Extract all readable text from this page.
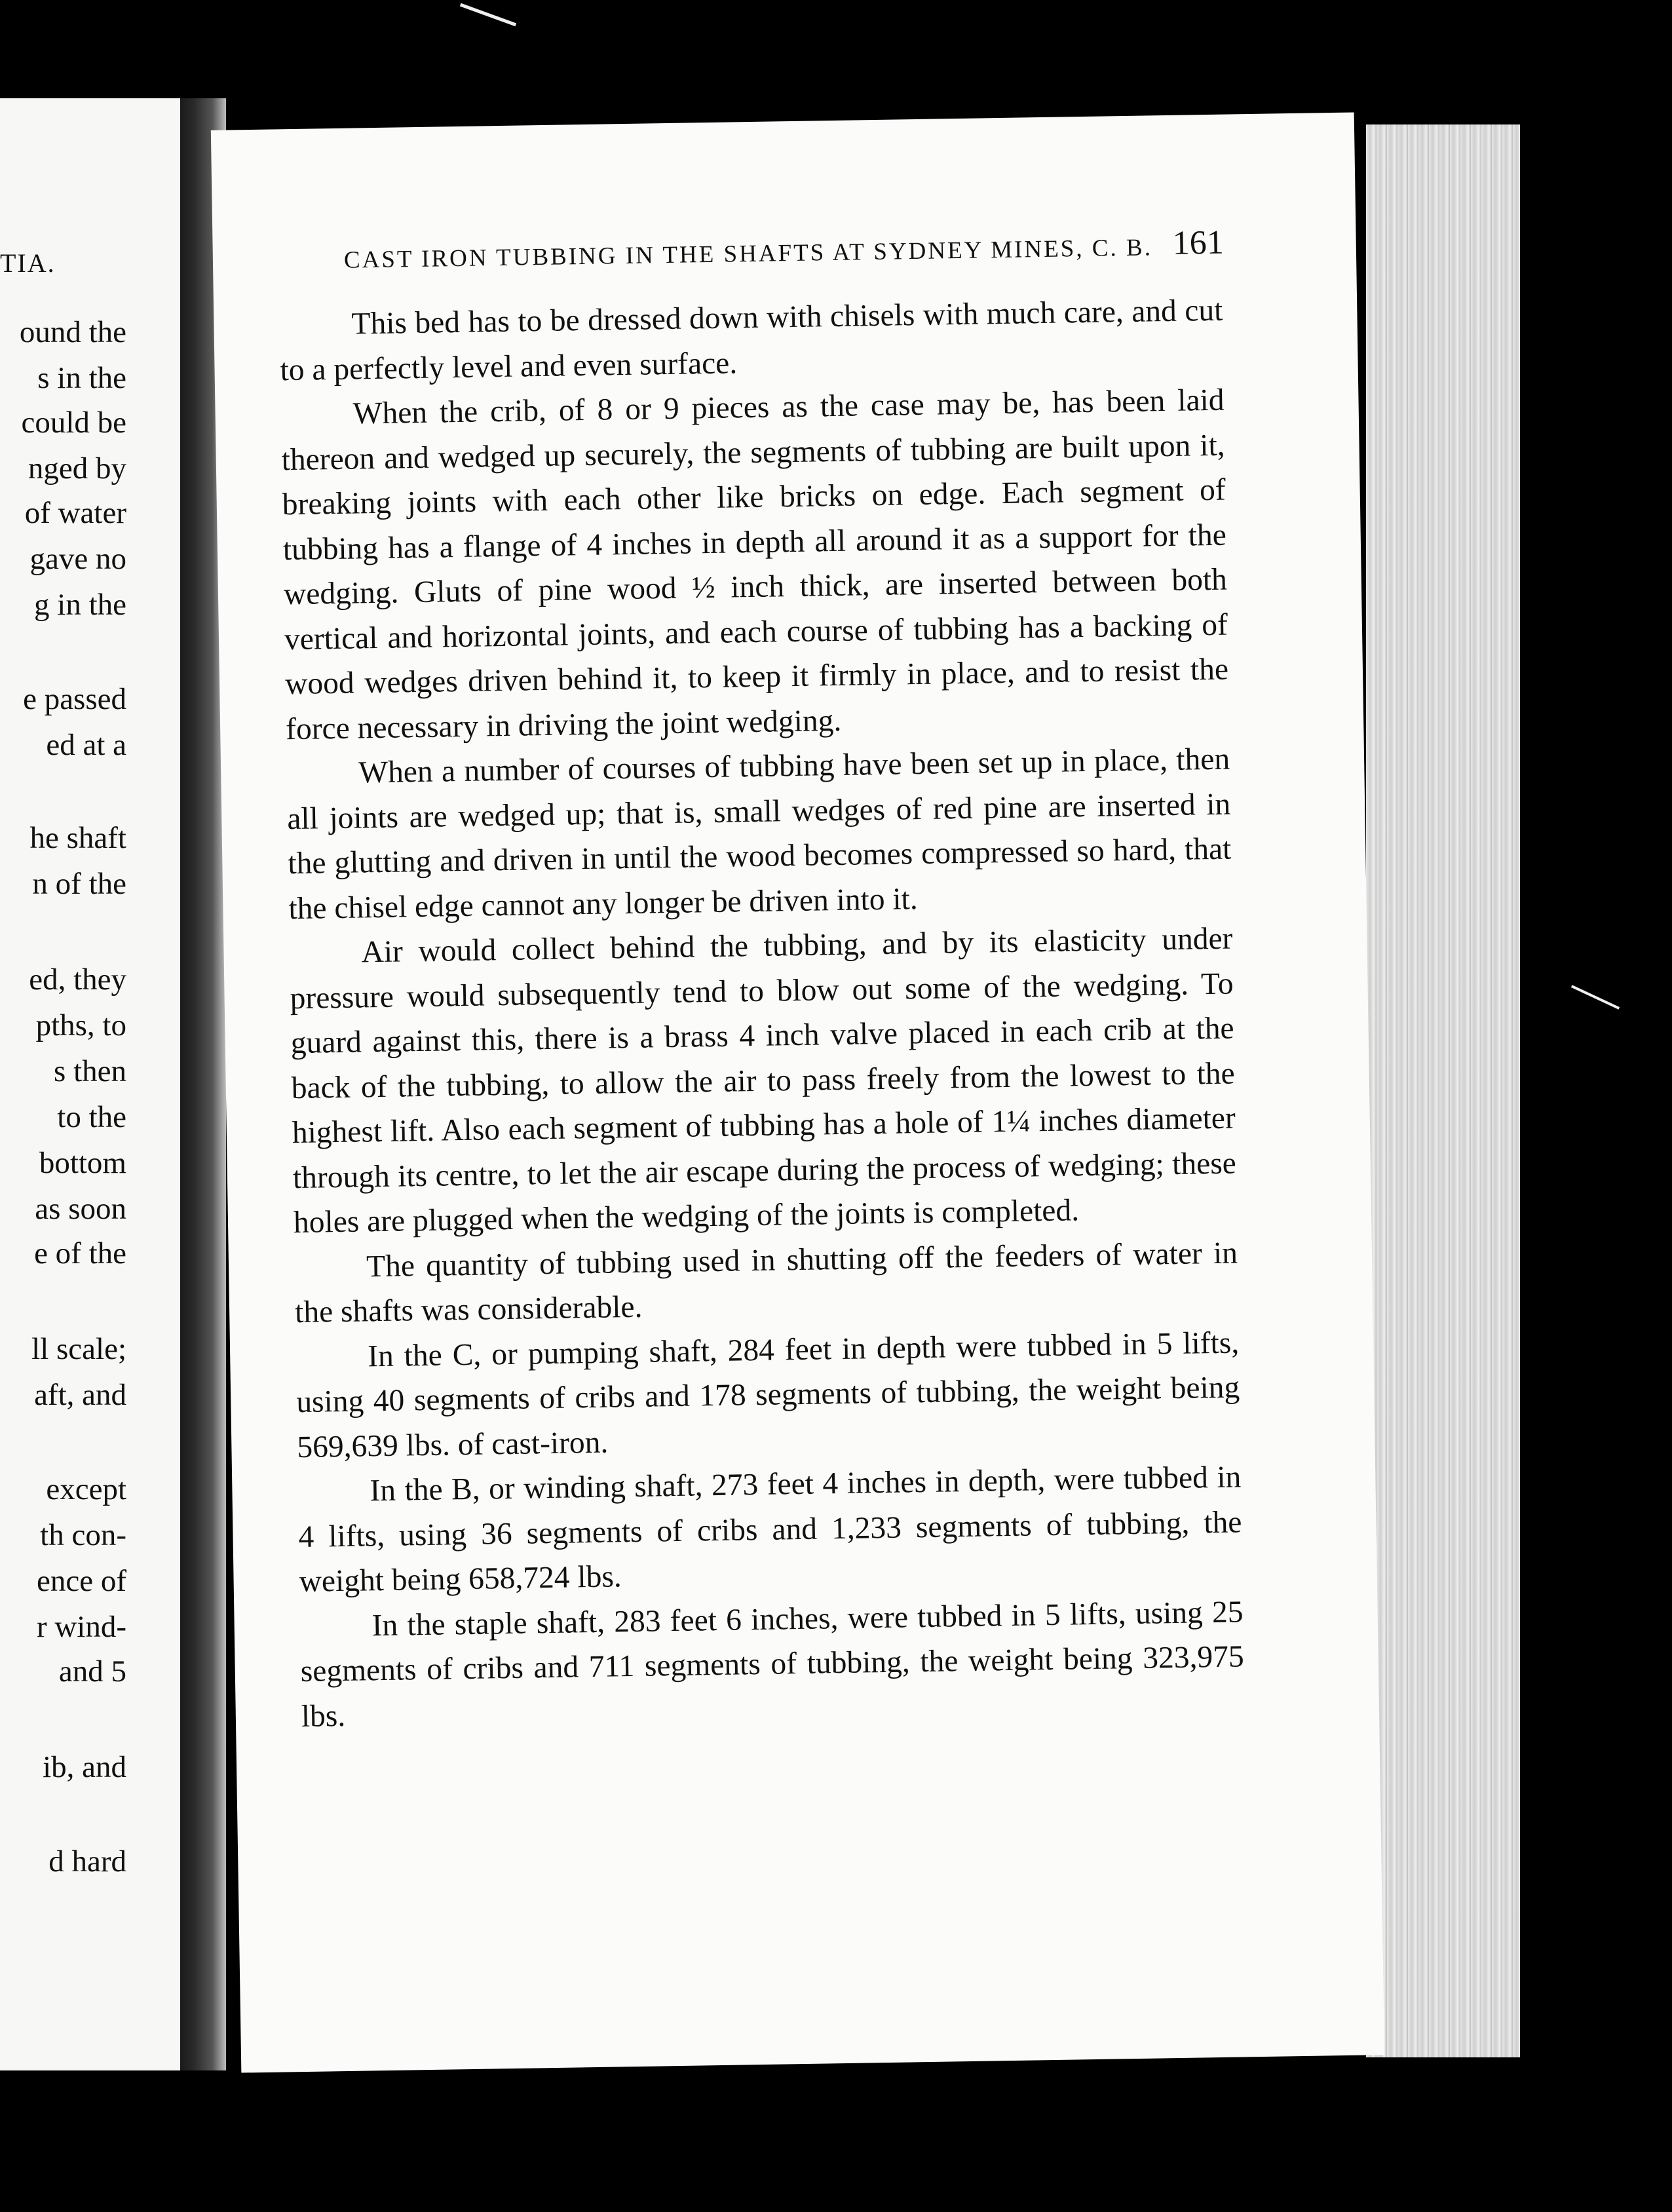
TIA.
ound the
s in the
could be
nged by
of water
gave no
g in the
e passed
ed at a
he shaft
n of the
ed, they
pths, to
s then
to the
bottom
as soon
e of the
ll scale;
aft, and
except
th con-
ence of
r wind-
and 5
ib, and
d hard
CAST IRON TUBBING IN THE SHAFTS AT SYDNEY MINES, C. B. 161

This bed has to be dressed down with chisels with much care, and cut to a perfectly level and even surface.

When the crib, of 8 or 9 pieces as the case may be, has been laid thereon and wedged up securely, the segments of tubbing are built upon it, breaking joints with each other like bricks on edge. Each segment of tubbing has a flange of 4 inches in depth all around it as a support for the wedging. Gluts of pine wood ½ inch thick, are inserted between both vertical and horizontal joints, and each course of tubbing has a backing of wood wedges driven behind it, to keep it firmly in place, and to resist the force necessary in driving the joint wedging.

When a number of courses of tubbing have been set up in place, then all joints are wedged up; that is, small wedges of red pine are inserted in the glutting and driven in until the wood becomes compressed so hard, that the chisel edge cannot any longer be driven into it.

Air would collect behind the tubbing, and by its elasticity under pressure would subsequently tend to blow out some of the wedging. To guard against this, there is a brass 4 inch valve placed in each crib at the back of the tubbing, to allow the air to pass freely from the lowest to the highest lift. Also each segment of tubbing has a hole of 1¼ inches diameter through its centre, to let the air escape during the process of wedging; these holes are plugged when the wedging of the joints is completed.

The quantity of tubbing used in shutting off the feeders of water in the shafts was considerable.

In the C, or pumping shaft, 284 feet in depth were tubbed in 5 lifts, using 40 segments of cribs and 178 segments of tubbing, the weight being 569,639 lbs. of cast-iron.

In the B, or winding shaft, 273 feet 4 inches in depth, were tubbed in 4 lifts, using 36 segments of cribs and 1,233 segments of tubbing, the weight being 658,724 lbs.

In the staple shaft, 283 feet 6 inches, were tubbed in 5 lifts, using 25 segments of cribs and 711 segments of tubbing, the weight being 323,975 lbs.
